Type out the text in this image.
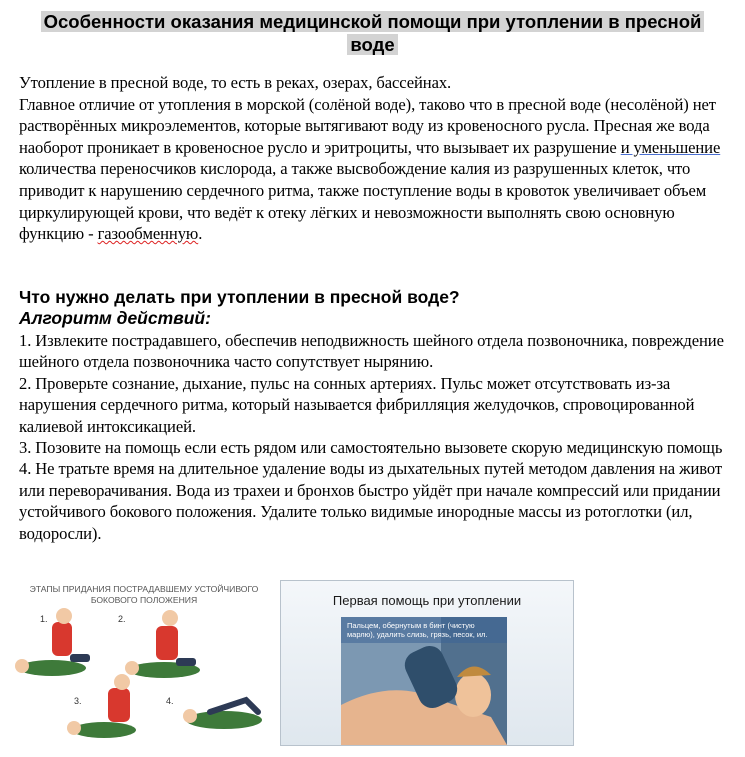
Особенности оказания медицинской помощи при утоплении в пресной
воде

Утопление в пресной воде, то есть в реках, озерах, бассейнах.

Главное отличие от утопления в морской (солёной воде), таково что в пресной воде (несолёной) нет растворённых микроэлементов, которые вытягивают воду из кровеносного русла. Пресная же вода наоборот проникает в кровеносное русло и эритроциты, что вызывает их разрушение и уменьшение количества переносчиков кислорода, а также высвобождение калия из разрушенных клеток, что приводит к нарушению сердечного ритма, также поступление воды в кровоток увеличивает объем циркулирующей крови, что ведёт к отеку лёгких и невозможности выполнять свою основную функцию - газообменную.

Что нужно делать при утоплении в пресной воде?
Алгоритм действий:

1. Извлеките пострадавшего, обеспечив неподвижность шейного отдела позвоночника, повреждение шейного отдела позвоночника часто сопутствует нырянию.

2. Проверьте сознание, дыхание, пульс на сонных артериях. Пульс может отсутствовать из-за нарушения сердечного ритма, который называется фибрилляция желудочков, спровоцированной калиевой интоксикацией.

3. Позовите на помощь если есть рядом или самостоятельно вызовете скорую медицинскую помощь

4. Не тратьте время на длительное удаление воды из дыхательных путей методом давления на живот или переворачивания. Вода из трахеи и бронхов быстро уйдёт при начале компрессий или придании устойчивого бокового положения. Удалите только видимые инородные массы из ротоглотки (ил, водоросли).

ЭТАПЫ ПРИДАНИЯ ПОСТРАДАВШЕМУ УСТОЙЧИВОГО
БОКОВОГО ПОЛОЖЕНИЯ
1.	2.
3.	4.
Первая помощь при утоплении
Пальцем, обернутым в бинт (чистую марлю), удалить слизь, грязь, песок, ил.
